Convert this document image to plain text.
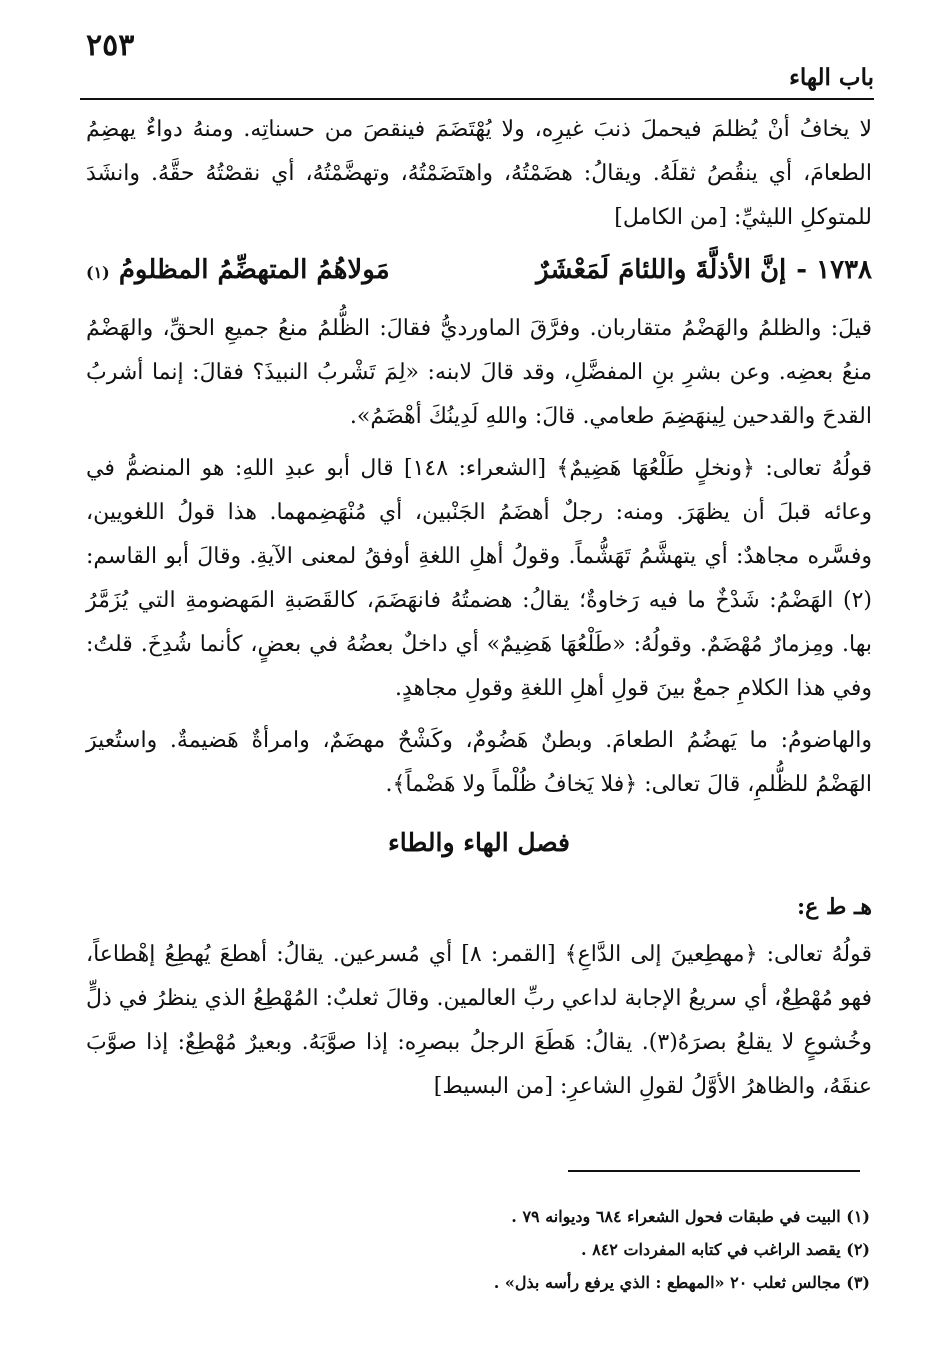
٢٥٣
باب الهاء

لا يخافُ أنْ يُظلمَ فيحملَ ذنبَ غيرِه، ولا يُهْتَضَمَ فينقصَ من حسناتِه. ومنهُ دواءٌ يهضِمُ الطعامَ، أي ينقُصُ ثقلَهُ. ويقالُ: هضَمْتُهُ، واهتَضَمْتُهُ، وتهضَّمْتُهُ، أي نقصْتُهُ حقَّهُ. وانشَدَ للمتوكلِ الليثيِّ: [من الكامل]

١٧٣٨ -
إنَّ الأذلَّةَ واللئامَ لَمَعْشَرٌ
مَولاهُمُ المتهضِّمُ المظلومُ (١)

قيلَ: والظلمُ والهَضْمُ متقاربان. وفرَّقَ الماورديُّ فقالَ: الظُّلمُ منعُ جميعِ الحقِّ، والهَضْمُ منعُ بعضِه. وعن بشرِ بنِ المفضَّلِ، وقد قالَ لابنه: «لِمَ تَشْربُ النبيذَ؟ فقالَ: إنما أشربُ القدحَ والقدحين لِينهَضِمَ طعامي. قالَ: واللهِ لَدِينُكَ أهْضَمُ».

قولُهُ تعالى: ﴿ونخلٍ طَلْعُهَا هَضِيمٌ﴾ [الشعراء: ١٤٨] قال أبو عبدِ اللهِ: هو المنضمُّ في وعائه قبلَ أن يظهَرَ. ومنه: رجلٌ أهضَمُ الجَنْبين، أي مُنْهَضِمهما. هذا قولُ اللغويين، وفسَّره مجاهدٌ: أي يتهشَّمُ تَهَشُّماً. وقولُ أهلِ اللغةِ أوفقُ لمعنى الآيةِ. وقالَ أبو القاسم: (٢) الهَضْمُ: شَدْخٌ ما فيه رَخاوةٌ؛ يقالُ: هضمتُهُ فانهَضَمَ، كالقَصَبةِ المَهضومةِ التي يُزَمَّرُ بها. ومِزمارٌ مُهْضَمٌ. وقولُهُ: «طَلْعُهَا هَضِيمٌ» أي داخلٌ بعضُهُ في بعضٍ، كأنما شُدِخَ. قلتُ: وفي هذا الكلامِ جمعٌ بينَ قولِ أهلِ اللغةِ وقولِ مجاهدٍ.

والهاضومُ: ما يَهضُمُ الطعامَ. وبطنٌ هَضُومٌ، وكَشْحٌ مهضَمٌ، وامرأةٌ هَضيمةٌ. واستُعيرَ الهَضْمُ للظُّلمِ، قالَ تعالى: ﴿فلا يَخافُ ظُلْماً ولا هَضْماً﴾.

فصل الهاء والطاء
هـ ط ع:

قولُهُ تعالى: ﴿مهطِعينَ إلى الدَّاعِ﴾ [القمر: ٨] أي مُسرعين. يقالُ: أهطعَ يُهطِعُ إهْطاعاً، فهو مُهْطِعٌ، أي سريعُ الإجابة لداعي ربِّ العالمين. وقالَ ثعلبٌ: المُهْطِعُ الذي ينظرُ في ذلٍّ وخُشوعٍ لا يقلعُ بصرَهُ(٣). يقالُ: هَطَعَ الرجلُ ببصرِه: إذا صوَّبَهُ. وبعيرٌ مُهْطِعٌ: إذا صوَّبَ عنقَهُ، والظاهرُ الأوَّلُ لقولِ الشاعرِ: [من البسيط]

(١) البيت في طبقات فحول الشعراء ٦٨٤ وديوانه ٧٩ .
(٢) يقصد الراغب في كتابه المفردات ٨٤٢ .
(٣) مجالس ثعلب ٢٠ «المهطع : الذي يرفع رأسه بذل» .
